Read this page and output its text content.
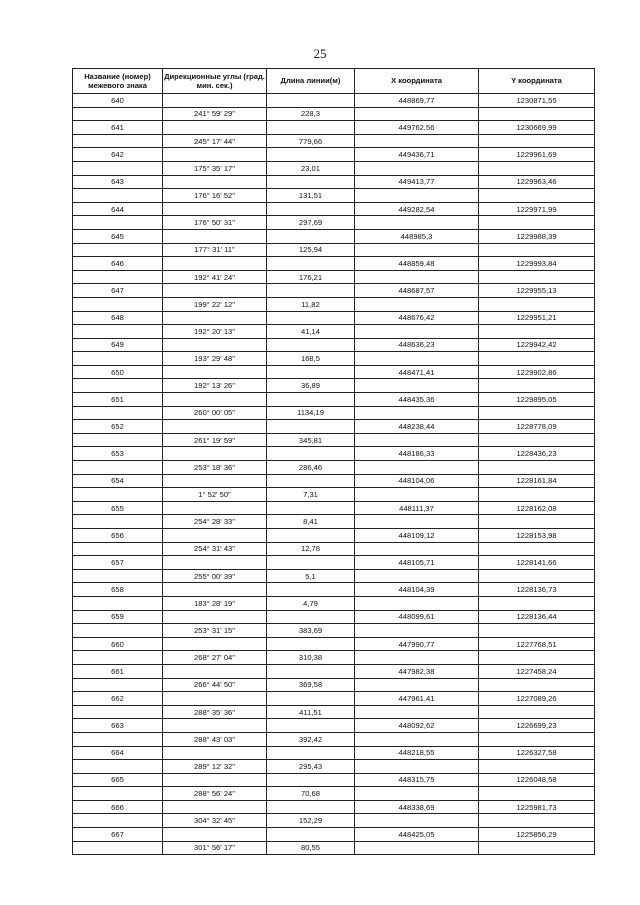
25
Название (номер) межевого знака	Дирекционные углы (град. мин. сек.)	Длина линии(м)	X координата	Y координата
640			448869,77	1230871,55
	241° 59' 29"	228,3		
641			449762,56	1230669,99
	245° 17' 44"	779,66		
642			449436,71	1229961,69
	175° 35' 17"	23,01		
643			449413,77	1229963,46
	176° 16' 52"	131,51		
644			449282,54	1229971,99
	176° 50' 31"	297,69		
645			448985,3	1229988,39
	177° 31' 11"	125,94		
646			448859,48	1229993,84
	192° 41' 24"	176,21		
647			448687,57	1229955,13
	199° 22' 12"	11,82		
648			448676,42	1229951,21
	192° 20' 13"	41,14		
649			448636,23	1229942,42
	193° 29' 48"	168,5		
650			448471,41	1229902,86
	192° 13' 26"	36,89		
651			448435,36	1229895,05
	260° 00' 05"	1134,19		
652			448238,44	1228778,09
	261° 19' 59"	345,81		
653			448186,33	1228436,23
	253° 18' 36"	286,46		
654			448104,06	1228161,84
	1° 52' 50"	7,31		
655			448111,37	1228162,08
	254° 28' 33"	8,41		
656			448109,12	1228153,98
	254° 31' 43"	12,78		
657			448105,71	1228141,66
	255° 00' 39"	5,1		
658			448104,39	1228136,73
	183° 28' 19"	4,79		
659			448099,61	1228136,44
	253° 31' 15"	383,69		
660			447990,77	1227768,51
	268° 27' 04"	310,38		
661			447982,38	1227458,24
	266° 44' 50"	369,58		
662			447961,41	1227089,26
	288° 35' 36"	411,51		
663			448092,62	1226699,23
	288° 43' 03"	392,42		
664			448218,55	1226327,58
	289° 12' 32"	295,43		
665			448315,75	1226048,58
	288° 56' 24"	70,68		
666			448338,69	1225981,73
	304° 32' 45"	152,29		
667			448425,05	1225856,29
	301° 56' 17"	80,55		
